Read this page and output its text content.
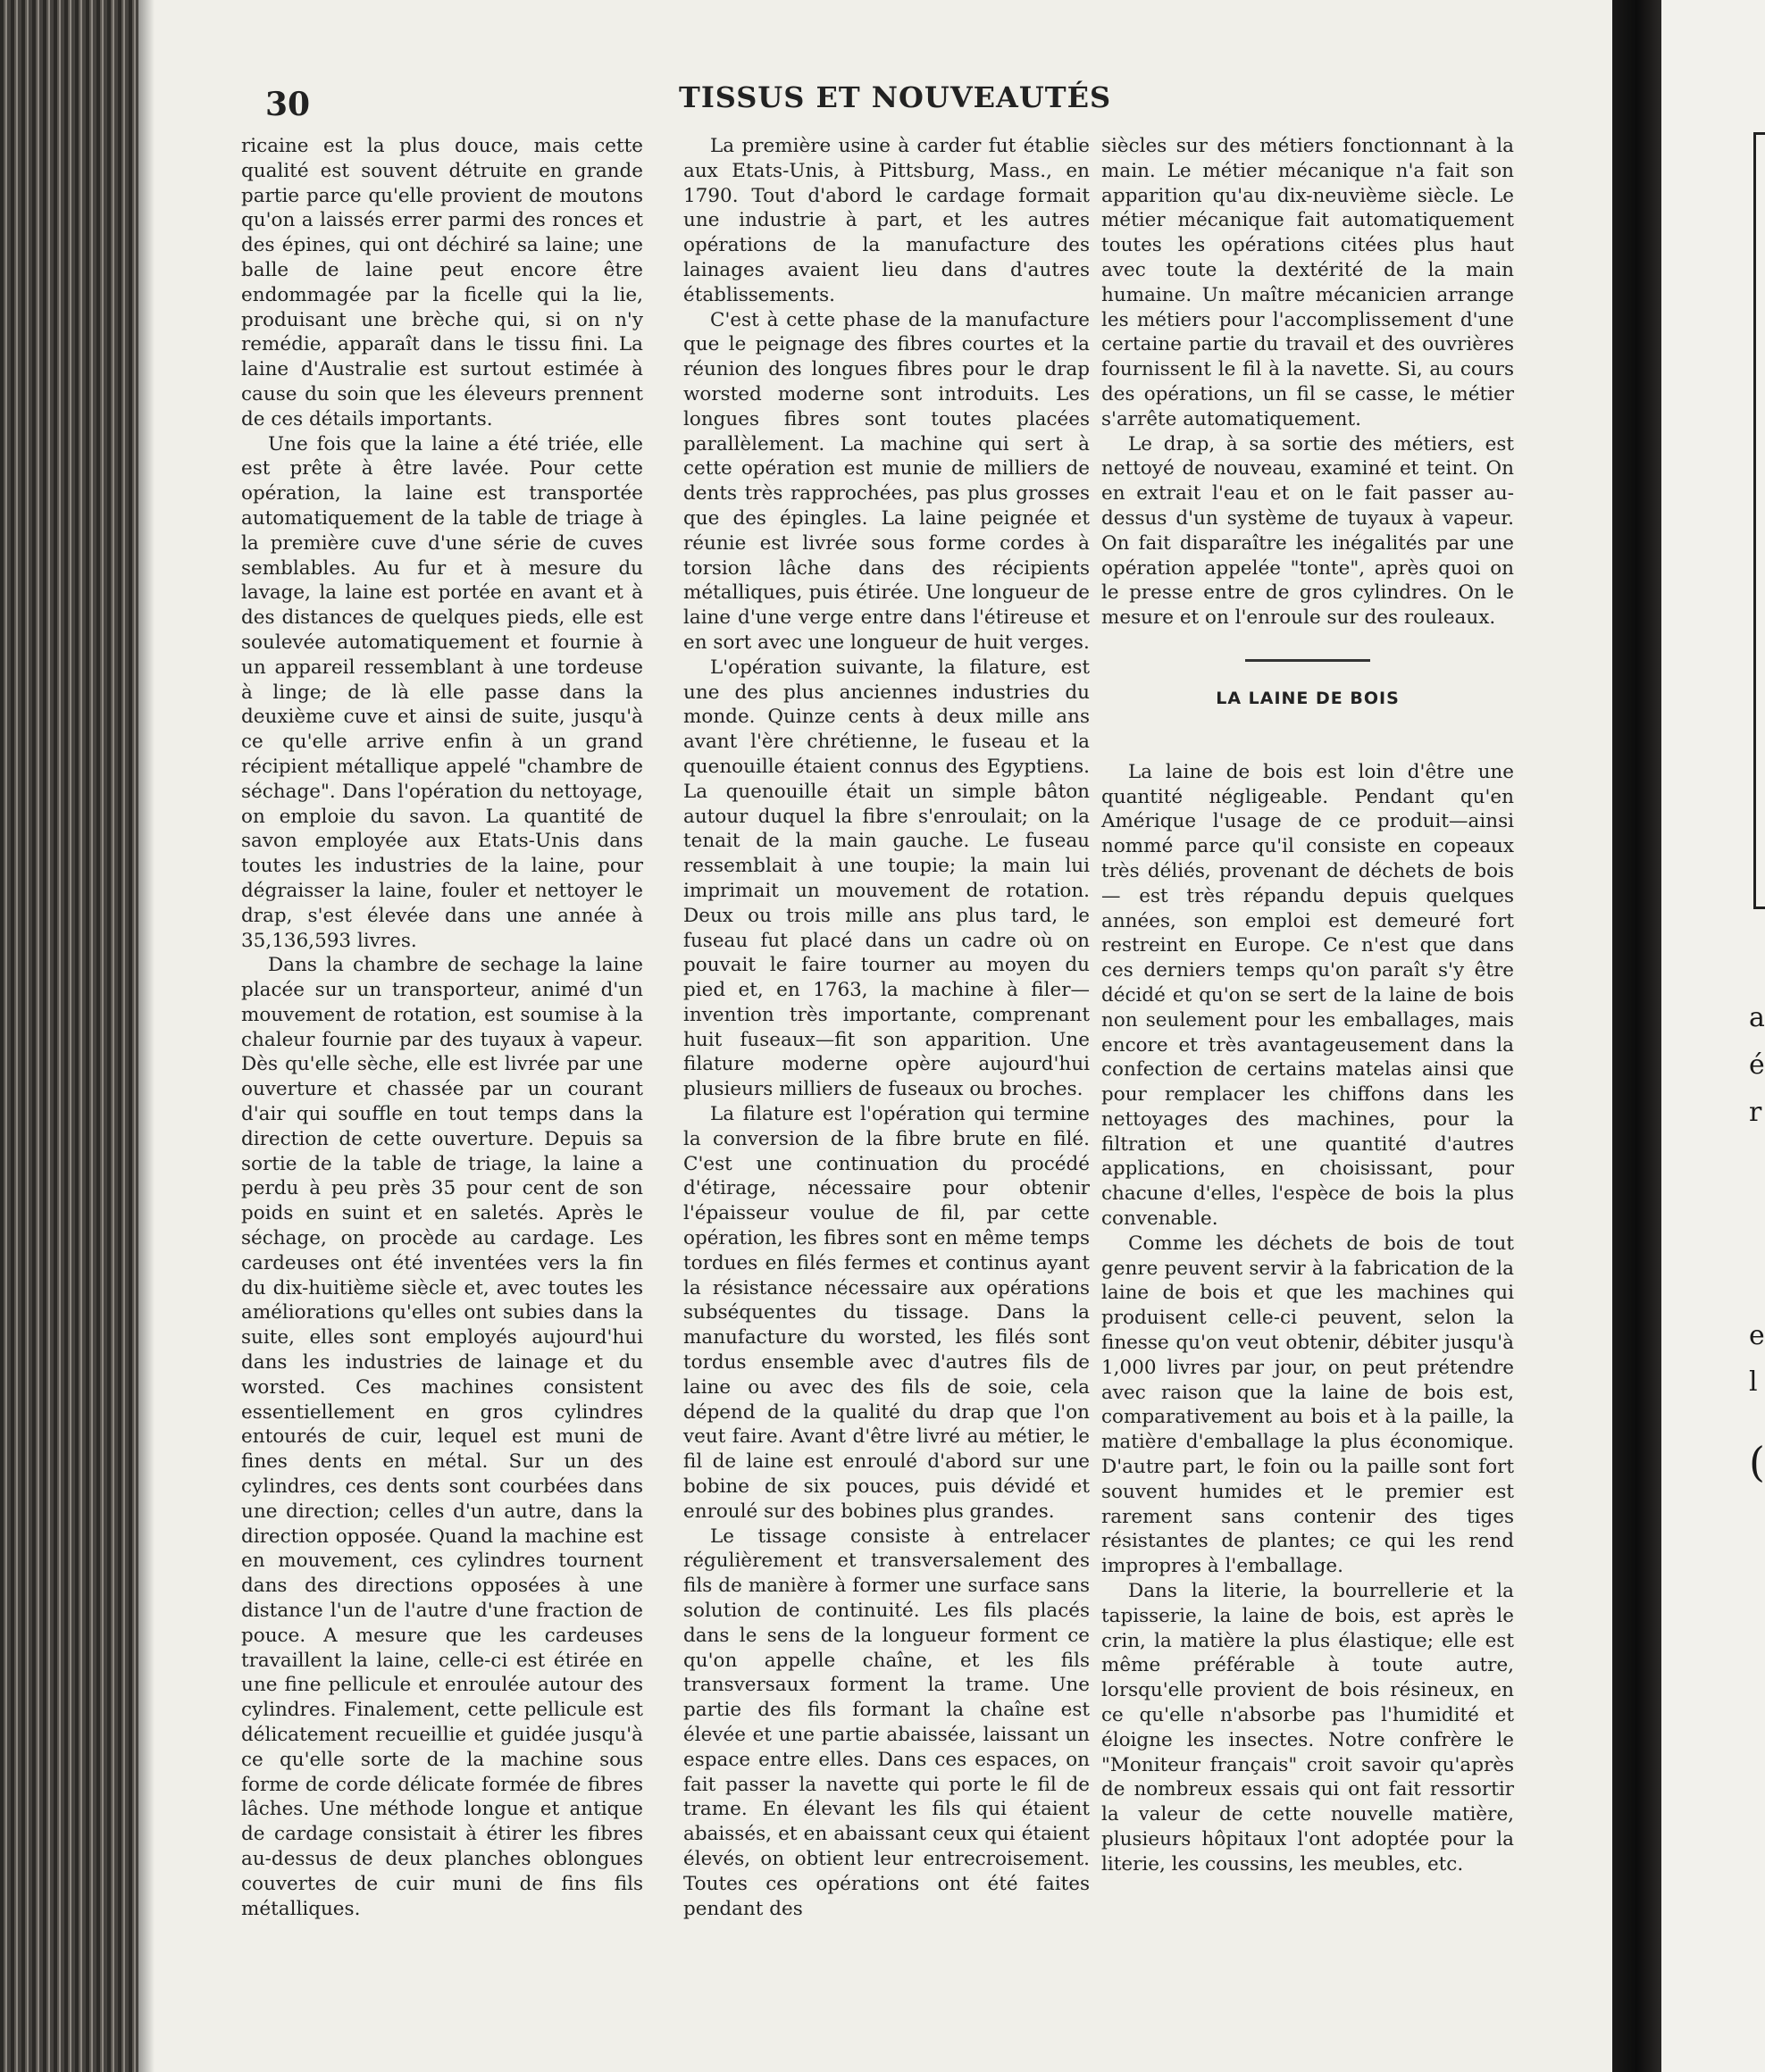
a
é
r
e
l
(
30	TISSUS ET NOUVEAUTÉS

ricaine est la plus douce, mais cette qualité est souvent détruite en grande partie parce qu'elle provient de moutons qu'on a laissés errer parmi des ronces et des épines, qui ont déchiré sa laine; une balle de laine peut encore être endommagée par la ficelle qui la lie, produisant une brèche qui, si on n'y remédie, apparaît dans le tissu fini. La laine d'Australie est surtout estimée à cause du soin que les éleveurs prennent de ces détails importants.

Une fois que la laine a été triée, elle est prête à être lavée. Pour cette opération, la laine est transportée automatiquement de la table de triage à la première cuve d'une série de cuves semblables. Au fur et à mesure du lavage, la laine est portée en avant et à des distances de quelques pieds, elle est soulevée automatiquement et fournie à un appareil ressemblant à une tordeuse à linge; de là elle passe dans la deuxième cuve et ainsi de suite, jusqu'à ce qu'elle arrive enfin à un grand récipient métallique appelé "chambre de séchage". Dans l'opération du nettoyage, on emploie du savon. La quantité de savon employée aux Etats-Unis dans toutes les industries de la laine, pour dégraisser la laine, fouler et nettoyer le drap, s'est élevée dans une année à 35,136,593 livres.

Dans la chambre de sechage la laine placée sur un transporteur, animé d'un mouvement de rotation, est soumise à la chaleur fournie par des tuyaux à vapeur. Dès qu'elle sèche, elle est livrée par une ouverture et chassée par un courant d'air qui souffle en tout temps dans la direction de cette ouverture. Depuis sa sortie de la table de triage, la laine a perdu à peu près 35 pour cent de son poids en suint et en saletés. Après le séchage, on procède au cardage. Les cardeuses ont été inventées vers la fin du dix-huitième siècle et, avec toutes les améliorations qu'elles ont subies dans la suite, elles sont employés aujourd'hui dans les industries de lainage et du worsted. Ces machines consistent essentiellement en gros cylindres entourés de cuir, lequel est muni de fines dents en métal. Sur un des cylindres, ces dents sont courbées dans une direction; celles d'un autre, dans la direction opposée. Quand la machine est en mouvement, ces cylindres tournent dans des directions opposées à une distance l'un de l'autre d'une fraction de pouce. A mesure que les cardeuses travaillent la laine, celle-ci est étirée en une fine pellicule et enroulée autour des cylindres. Finalement, cette pellicule est délicatement recueillie et guidée jusqu'à ce qu'elle sorte de la machine sous forme de corde délicate formée de fibres lâches. Une méthode longue et antique de cardage consistait à étirer les fibres au-dessus de deux planches oblongues couvertes de cuir muni de fins fils métalliques.

La première usine à carder fut établie aux Etats-Unis, à Pittsburg, Mass., en 1790. Tout d'abord le cardage formait une industrie à part, et les autres opérations de la manufacture des lainages avaient lieu dans d'autres établissements.

C'est à cette phase de la manufacture que le peignage des fibres courtes et la réunion des longues fibres pour le drap worsted moderne sont introduits. Les longues fibres sont toutes placées parallèlement. La machine qui sert à cette opération est munie de milliers de dents très rapprochées, pas plus grosses que des épingles. La laine peignée et réunie est livrée sous forme cordes à torsion lâche dans des récipients métalliques, puis étirée. Une longueur de laine d'une verge entre dans l'étireuse et en sort avec une longueur de huit verges.

L'opération suivante, la filature, est une des plus anciennes industries du monde. Quinze cents à deux mille ans avant l'ère chrétienne, le fuseau et la quenouille étaient connus des Egyptiens. La quenouille était un simple bâton autour duquel la fibre s'enroulait; on la tenait de la main gauche. Le fuseau ressemblait à une toupie; la main lui imprimait un mouvement de rotation. Deux ou trois mille ans plus tard, le fuseau fut placé dans un cadre où on pouvait le faire tourner au moyen du pied et, en 1763, la machine à filer—invention très importante, comprenant huit fuseaux—fit son apparition. Une filature moderne opère aujourd'hui plusieurs milliers de fuseaux ou broches.

La filature est l'opération qui termine la conversion de la fibre brute en filé. C'est une continuation du procédé d'étirage, nécessaire pour obtenir l'épaisseur voulue de fil, par cette opération, les fibres sont en même temps tordues en filés fermes et continus ayant la résistance nécessaire aux opérations subséquentes du tissage. Dans la manufacture du worsted, les filés sont tordus ensemble avec d'autres fils de laine ou avec des fils de soie, cela dépend de la qualité du drap que l'on veut faire. Avant d'être livré au métier, le fil de laine est enroulé d'abord sur une bobine de six pouces, puis dévidé et enroulé sur des bobines plus grandes.

Le tissage consiste à entrelacer régulièrement et transversalement des fils de manière à former une surface sans solution de continuité. Les fils placés dans le sens de la longueur forment ce qu'on appelle chaîne, et les fils transversaux forment la trame. Une partie des fils formant la chaîne est élevée et une partie abaissée, laissant un espace entre elles. Dans ces espaces, on fait passer la navette qui porte le fil de trame. En élevant les fils qui étaient abaissés, et en abaissant ceux qui étaient élevés, on obtient leur entrecroisement. Toutes ces opérations ont été faites pendant des

siècles sur des métiers fonctionnant à la main. Le métier mécanique n'a fait son apparition qu'au dix-neuvième siècle. Le métier mécanique fait automatiquement toutes les opérations citées plus haut avec toute la dextérité de la main humaine. Un maître mécanicien arrange les métiers pour l'accomplissement d'une certaine partie du travail et des ouvrières fournissent le fil à la navette. Si, au cours des opérations, un fil se casse, le métier s'arrête automatiquement.

Le drap, à sa sortie des métiers, est nettoyé de nouveau, examiné et teint. On en extrait l'eau et on le fait passer au-dessus d'un système de tuyaux à vapeur. On fait disparaître les inégalités par une opération appelée "tonte", après quoi on le presse entre de gros cylindres. On le mesure et on l'enroule sur des rouleaux.

LA LAINE DE BOIS

La laine de bois est loin d'être une quantité négligeable. Pendant qu'en Amérique l'usage de ce produit—ainsi nommé parce qu'il consiste en copeaux très déliés, provenant de déchets de bois — est très répandu depuis quelques années, son emploi est demeuré fort restreint en Europe. Ce n'est que dans ces derniers temps qu'on paraît s'y être décidé et qu'on se sert de la laine de bois non seulement pour les emballages, mais encore et très avantageusement dans la confection de certains matelas ainsi que pour remplacer les chiffons dans les nettoyages des machines, pour la filtration et une quantité d'autres applications, en choisissant, pour chacune d'elles, l'espèce de bois la plus convenable.

Comme les déchets de bois de tout genre peuvent servir à la fabrication de la laine de bois et que les machines qui produisent celle-ci peuvent, selon la finesse qu'on veut obtenir, débiter jusqu'à 1,000 livres par jour, on peut prétendre avec raison que la laine de bois est, comparativement au bois et à la paille, la matière d'emballage la plus économique. D'autre part, le foin ou la paille sont fort souvent humides et le premier est rarement sans contenir des tiges résistantes de plantes; ce qui les rend impropres à l'emballage.

Dans la literie, la bourrellerie et la tapisserie, la laine de bois, est après le crin, la matière la plus élastique; elle est même préférable à toute autre, lorsqu'elle provient de bois résineux, en ce qu'elle n'absorbe pas l'humidité et éloigne les insectes. Notre confrère le "Moniteur français" croit savoir qu'après de nombreux essais qui ont fait ressortir la valeur de cette nouvelle matière, plusieurs hôpitaux l'ont adoptée pour la literie, les coussins, les meubles, etc.
